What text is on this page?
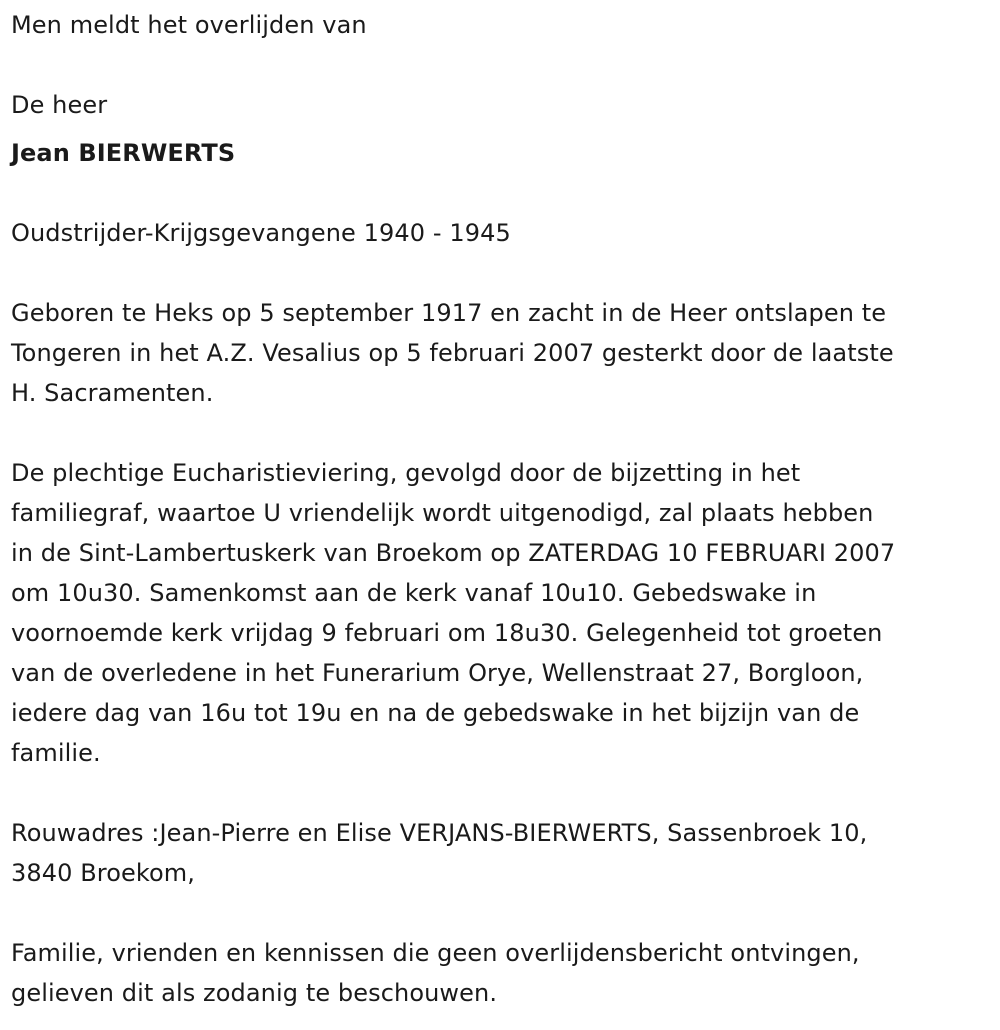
Men meldt het overlijden van

De heer

Jean BIERWERTS

Oudstrijder-Krijgsgevangene 1940 - 1945

Geboren te Heks op 5 september 1917 en zacht in de Heer ontslapen te

Tongeren in het A.Z. Vesalius op 5 februari 2007 gesterkt door de laatste

H. Sacramenten.

De plechtige Eucharistieviering, gevolgd door de bijzetting in het

familiegraf, waartoe U vriendelijk wordt uitgenodigd, zal plaats hebben

in de Sint-Lambertuskerk van Broekom op ZATERDAG 10 FEBRUARI 2007

om 10u30. Samenkomst aan de kerk vanaf 10u10. Gebedswake in

voornoemde kerk vrijdag 9 februari om 18u30. Gelegenheid tot groeten

van de overledene in het Funerarium Orye, Wellenstraat 27, Borgloon,

iedere dag van 16u tot 19u en na de gebedswake in het bijzijn van de

familie.

Rouwadres :Jean-Pierre en Elise VERJANS-BIERWERTS, Sassenbroek 10,

3840 Broekom,

Familie, vrienden en kennissen die geen overlijdensbericht ontvingen,

gelieven dit als zodanig te beschouwen.
